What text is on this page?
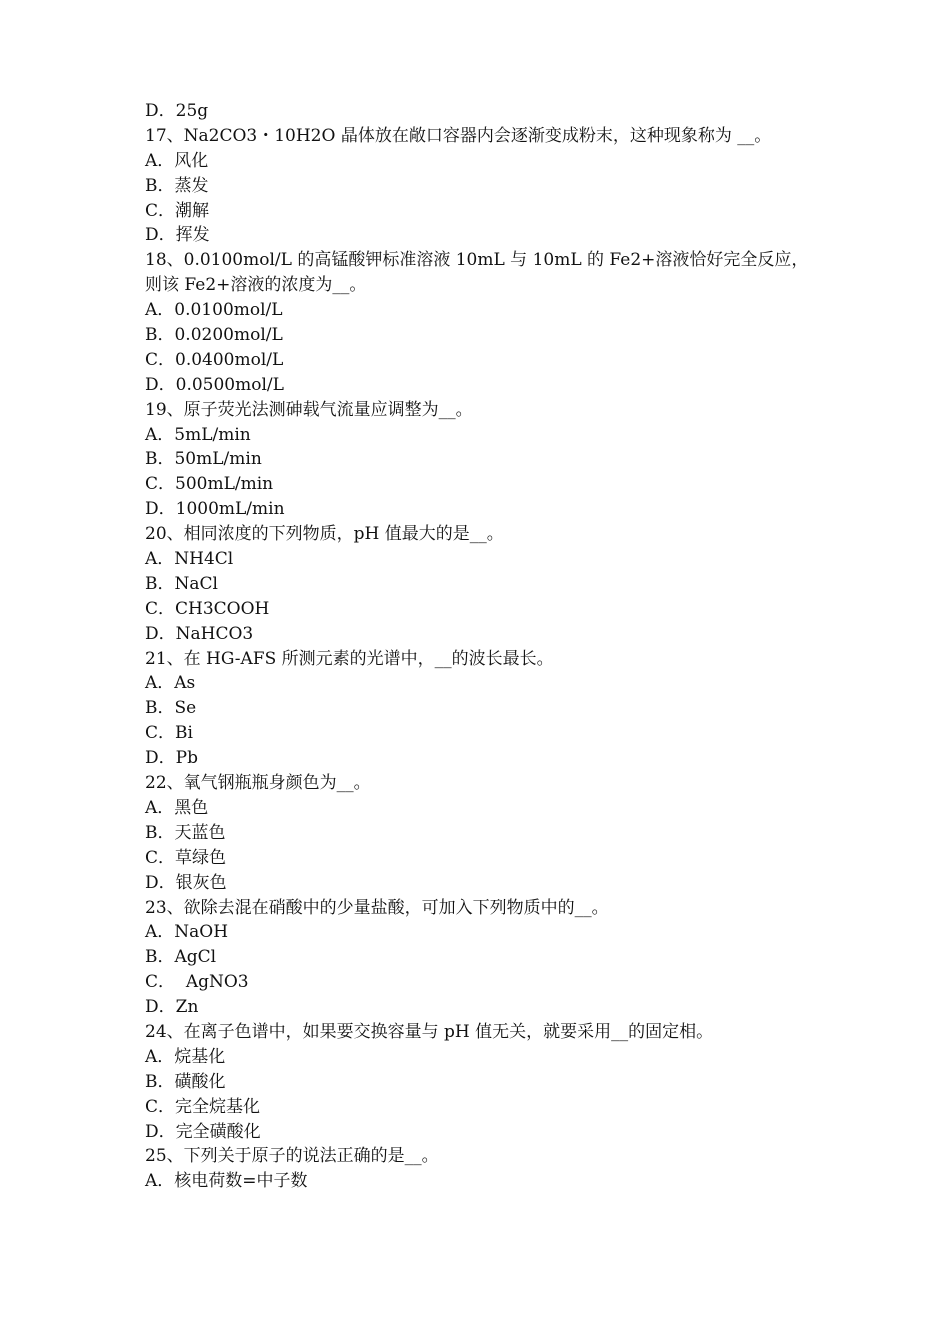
D．25g
17、Na2CO3・10H2O 晶体放在敞口容器内会逐渐变成粉末，这种现象称为 __。
A．风化
B．蒸发
C．潮解
D．挥发
18、0.0100mol/L 的高锰酸钾标准溶液 10mL 与 10mL 的 Fe2+溶液恰好完全反应，
则该 Fe2+溶液的浓度为__。
A．0.0100mol/L
B．0.0200mol/L
C．0.0400mol/L
D．0.0500mol/L
19、原子荧光法测砷载气流量应调整为__。
A．5mL/min
B．50mL/min
C．500mL/min
D．1000mL/min
20、相同浓度的下列物质，pH 值最大的是__。
A．NH4Cl
B．NaCl
C．CH3COOH
D．NaHCO3
21、在 HG-AFS 所测元素的光谱中，__的波长最长。
A．As
B．Se
C．Bi
D．Pb
22、氧气钢瓶瓶身颜色为__。
A．黑色
B．天蓝色
C．草绿色
D．银灰色
23、欲除去混在硝酸中的少量盐酸，可加入下列物质中的__。
A．NaOH
B．AgCl
C．  AgNO3
D．Zn
24、在离子色谱中，如果要交换容量与 pH 值无关，就要采用__的固定相。
A．烷基化
B．磺酸化
C．完全烷基化
D．完全磺酸化
25、下列关于原子的说法正确的是__。
A．核电荷数=中子数
